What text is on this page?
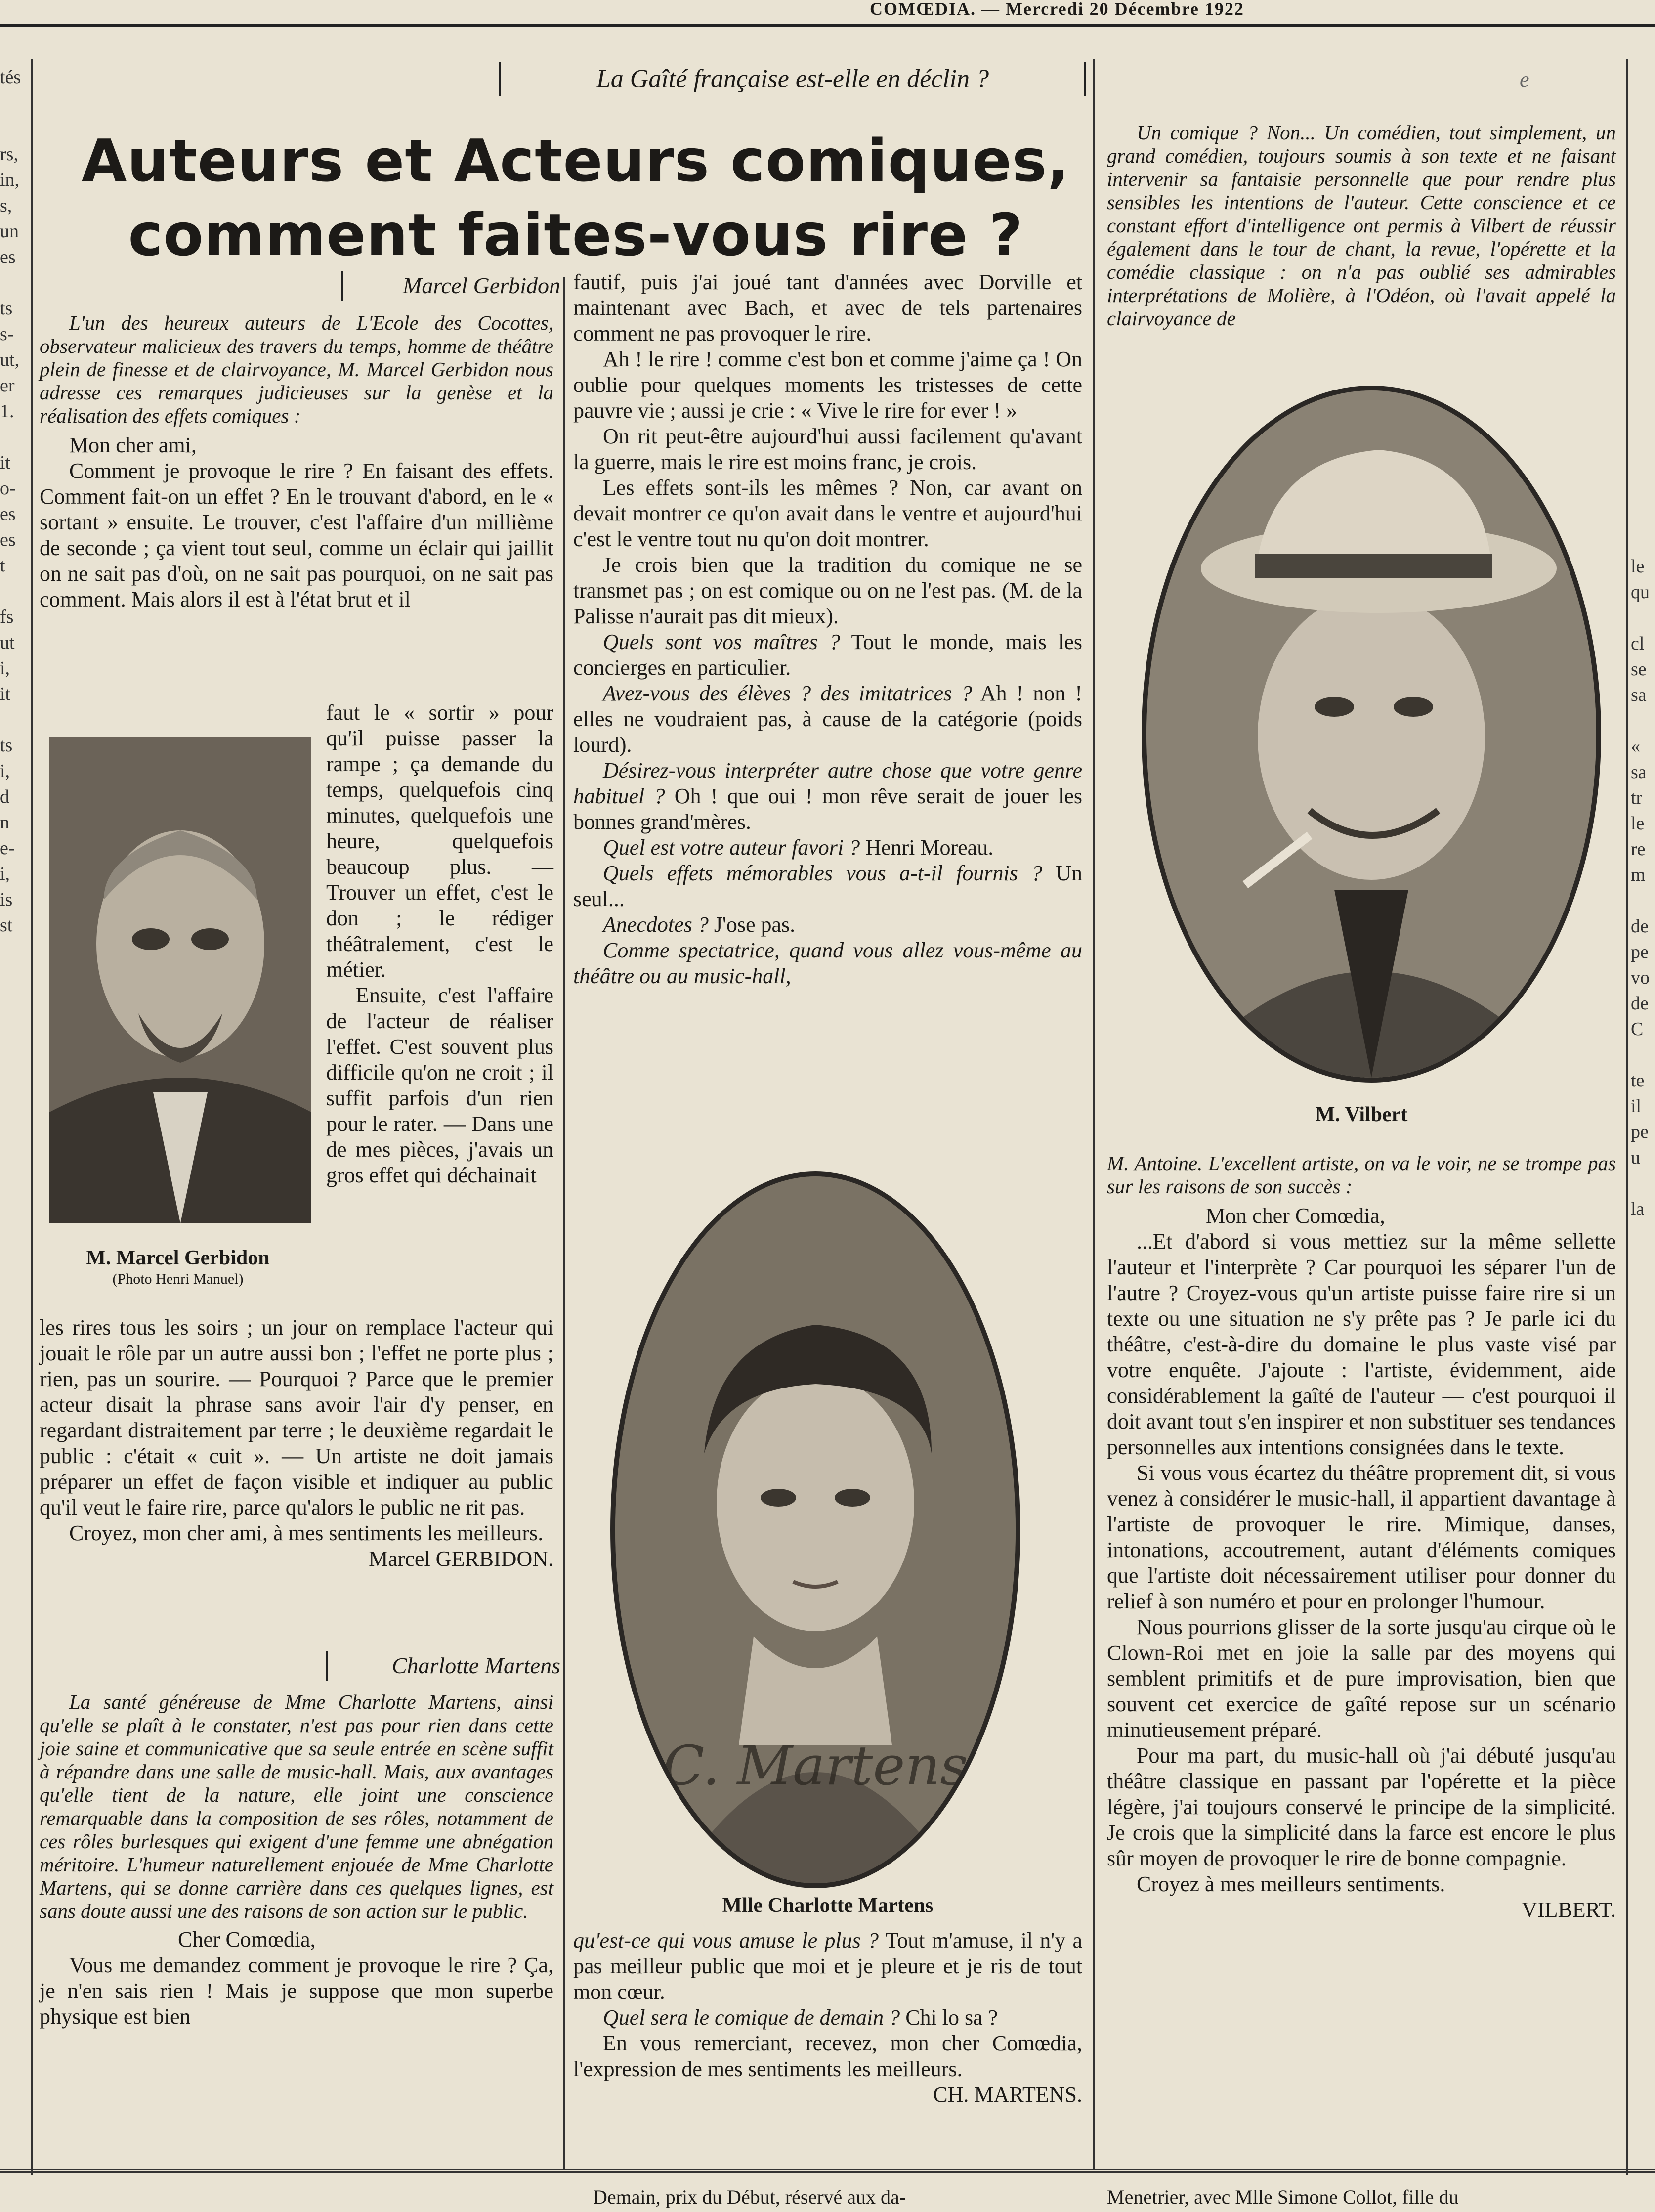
COMŒDIA. — Mercredi 20 Décembre 1922
tés

rs,
in,
s,
un
es

ts
s-
ut,
er
1.

it
o-
es
es
t

fs
ut
i,
it

ts
i,
d
n
e-
i,
is
st
le
qu

cl
se
sa

«
sa
tr
le
re
m

de
pe
vo
de
C

te
il
pe
u

la
La Gaîté française est-elle en déclin ?	e
Auteurs et Acteurs comiques,
comment faites-vous rire ?
Marcel Gerbidon

L'un des heureux auteurs de L'Ecole des Cocottes, observateur malicieux des travers du temps, homme de théâtre plein de finesse et de clairvoyance, M. Marcel Gerbidon nous adresse ces remarques judicieuses sur la genèse et la réalisation des effets comiques :

Mon cher ami,

Comment je provoque le rire ? En faisant des effets. Comment fait-on un effet ? En le trouvant d'abord, en le « sortant » ensuite. Le trouver, c'est l'affaire d'un millième de seconde ; ça vient tout seul, comme un éclair qui jaillit on ne sait pas d'où, on ne sait pas pourquoi, on ne sait pas comment. Mais alors il est à l'état brut et il

M. Marcel Gerbidon
(Photo Henri Manuel)

faut le « sortir » pour qu'il puisse passer la rampe ; ça demande du temps, quelquefois cinq minutes, quelquefois une heure, quelquefois beaucoup plus. — Trouver un effet, c'est le don ; le rédiger théâtralement, c'est le métier.

Ensuite, c'est l'affaire de l'acteur de réaliser l'effet. C'est souvent plus difficile qu'on ne croit ; il suffit parfois d'un rien pour le rater. — Dans une de mes pièces, j'avais un gros effet qui déchainait

les rires tous les soirs ; un jour on remplace l'acteur qui jouait le rôle par un autre aussi bon ; l'effet ne porte plus ; rien, pas un sourire. — Pourquoi ? Parce que le premier acteur disait la phrase sans avoir l'air d'y penser, en regardant distraitement par terre ; le deuxième regardait le public : c'était « cuit ». — Un artiste ne doit jamais préparer un effet de façon visible et indiquer au public qu'il veut le faire rire, parce qu'alors le public ne rit pas.

Croyez, mon cher ami, à mes sentiments les meilleurs.

Marcel GERBIDON.

Charlotte Martens

La santé généreuse de Mme Charlotte Martens, ainsi qu'elle se plaît à le constater, n'est pas pour rien dans cette joie saine et communicative que sa seule entrée en scène suffit à répandre dans une salle de music-hall. Mais, aux avantages qu'elle tient de la nature, elle joint une conscience remarquable dans la composition de ses rôles, notamment de ces rôles burlesques qui exigent d'une femme une abnégation méritoire. L'humeur naturellement enjouée de Mme Charlotte Martens, qui se donne carrière dans ces quelques lignes, est sans doute aussi une des raisons de son action sur le public.

Cher Comœdia,

Vous me demandez comment je provoque le rire ? Ça, je n'en sais rien ! Mais je suppose que mon superbe physique est bien

fautif, puis j'ai joué tant d'années avec Dorville et maintenant avec Bach, et avec de tels partenaires comment ne pas provoquer le rire.

Ah ! le rire ! comme c'est bon et comme j'aime ça ! On oublie pour quelques moments les tristesses de cette pauvre vie ; aussi je crie : « Vive le rire for ever ! »

On rit peut-être aujourd'hui aussi facilement qu'avant la guerre, mais le rire est moins franc, je crois.

Les effets sont-ils les mêmes ? Non, car avant on devait montrer ce qu'on avait dans le ventre et aujourd'hui c'est le ventre tout nu qu'on doit montrer.

Je crois bien que la tradition du comique ne se transmet pas ; on est comique ou on ne l'est pas. (M. de la Palisse n'aurait pas dit mieux).

Quels sont vos maîtres ? Tout le monde, mais les concierges en particulier.

Avez-vous des élèves ? des imitatrices ? Ah ! non ! elles ne voudraient pas, à cause de la catégorie (poids lourd).

Désirez-vous interpréter autre chose que votre genre habituel ? Oh ! que oui ! mon rêve serait de jouer les bonnes grand'mères.

Quel est votre auteur favori ? Henri Moreau.

Quels effets mémorables vous a-t-il fournis ? Un seul...

Anecdotes ? J'ose pas.

Comme spectatrice, quand vous allez vous-même au théâtre ou au music-hall,

C. Martens
Mlle Charlotte Martens

qu'est-ce qui vous amuse le plus ? Tout m'amuse, il n'y a pas meilleur public que moi et je pleure et je ris de tout mon cœur.

Quel sera le comique de demain ? Chi lo sa ?

En vous remerciant, recevez, mon cher Comœdia, l'expression de mes sentiments les meilleurs.

CH. MARTENS.

Un comique ? Non... Un comédien, tout simplement, un grand comédien, toujours soumis à son texte et ne faisant intervenir sa fantaisie personnelle que pour rendre plus sensibles les intentions de l'auteur. Cette conscience et ce constant effort d'intelligence ont permis à Vilbert de réussir également dans le tour de chant, la revue, l'opérette et la comédie classique : on n'a pas oublié ses admirables interprétations de Molière, à l'Odéon, où l'avait appelé la clairvoyance de

M. Vilbert

M. Antoine. L'excellent artiste, on va le voir, ne se trompe pas sur les raisons de son succès :

Mon cher Comœdia,

...Et d'abord si vous mettiez sur la même sellette l'auteur et l'interprète ? Car pourquoi les séparer l'un de l'autre ? Croyez-vous qu'un artiste puisse faire rire si un texte ou une situation ne s'y prête pas ? Je parle ici du théâtre, c'est-à-dire du domaine le plus vaste visé par votre enquête. J'ajoute : l'artiste, évidemment, aide considérablement la gaîté de l'auteur — c'est pourquoi il doit avant tout s'en inspirer et non substituer ses tendances personnelles aux intentions consignées dans le texte.

Si vous vous écartez du théâtre proprement dit, si vous venez à considérer le music-hall, il appartient davantage à l'artiste de provoquer le rire. Mimique, danses, intonations, accoutrement, autant d'éléments comiques que l'artiste doit nécessairement utiliser pour donner du relief à son numéro et pour en prolonger l'humour.

Nous pourrions glisser de la sorte jusqu'au cirque où le Clown-Roi met en joie la salle par des moyens qui semblent primitifs et de pure improvisation, bien que souvent cet exercice de gaîté repose sur un scénario minutieusement préparé.

Pour ma part, du music-hall où j'ai débuté jusqu'au théâtre classique en passant par l'opérette et la pièce légère, j'ai toujours conservé le principe de la simplicité. Je crois que la simplicité dans la farce est encore le plus sûr moyen de provoquer le rire de bonne compagnie.

Croyez à mes meilleurs sentiments.

VILBERT.

Demain, prix du Début, réservé aux da-	Menetrier, avec Mlle Simone Collot, fille du
